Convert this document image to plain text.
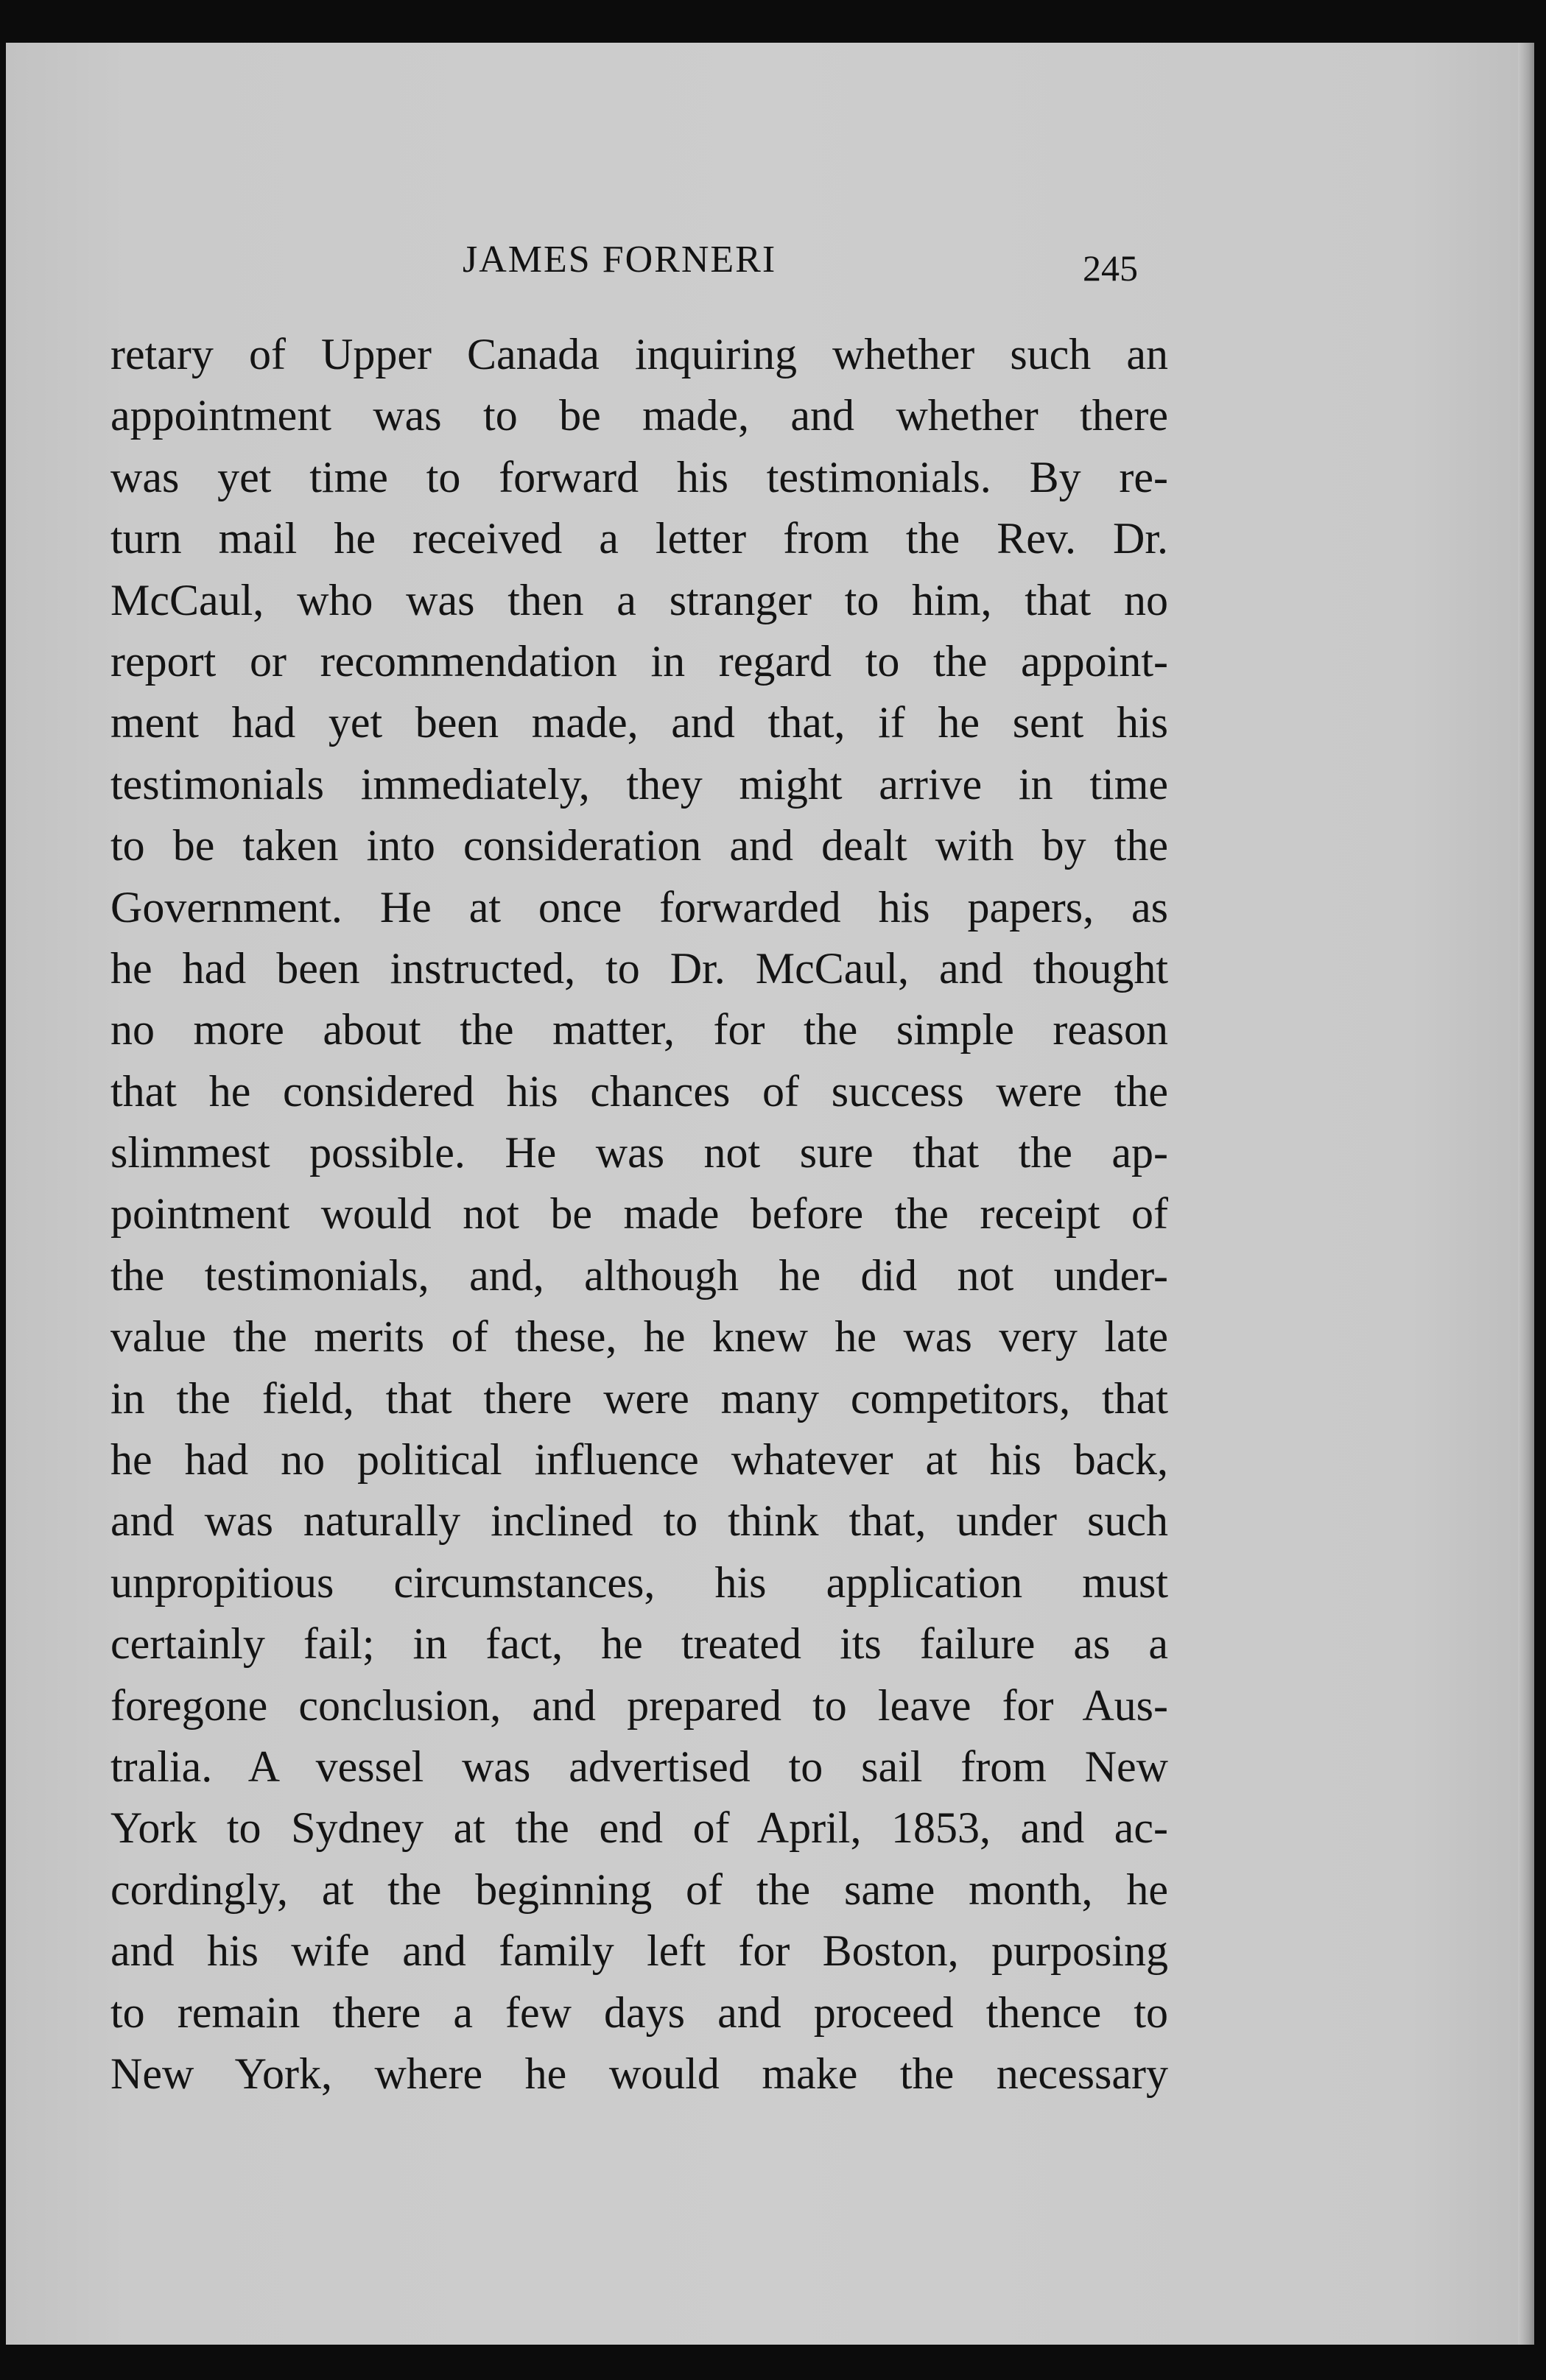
JAMES FORNERI	245
retary of Upper Canada inquiring whether such an
appointment was to be made, and whether there
was yet time to forward his testimonials. By re-
turn mail he received a letter from the Rev. Dr.
McCaul, who was then a stranger to him, that no
report or recommendation in regard to the appoint-
ment had yet been made, and that, if he sent his
testimonials immediately, they might arrive in time
to be taken into consideration and dealt with by the
Government. He at once forwarded his papers, as
he had been instructed, to Dr. McCaul, and thought
no more about the matter, for the simple reason
that he considered his chances of success were the
slimmest possible. He was not sure that the ap-
pointment would not be made before the receipt of
the testimonials, and, although he did not under-
value the merits of these, he knew he was very late
in the field, that there were many competitors, that
he had no political influence whatever at his back,
and was naturally inclined to think that, under such
unpropitious circumstances, his application must
certainly fail; in fact, he treated its failure as a
foregone conclusion, and prepared to leave for Aus-
tralia. A vessel was advertised to sail from New
York to Sydney at the end of April, 1853, and ac-
cordingly, at the beginning of the same month, he
and his wife and family left for Boston, purposing
to remain there a few days and proceed thence to
New York, where he would make the necessary
